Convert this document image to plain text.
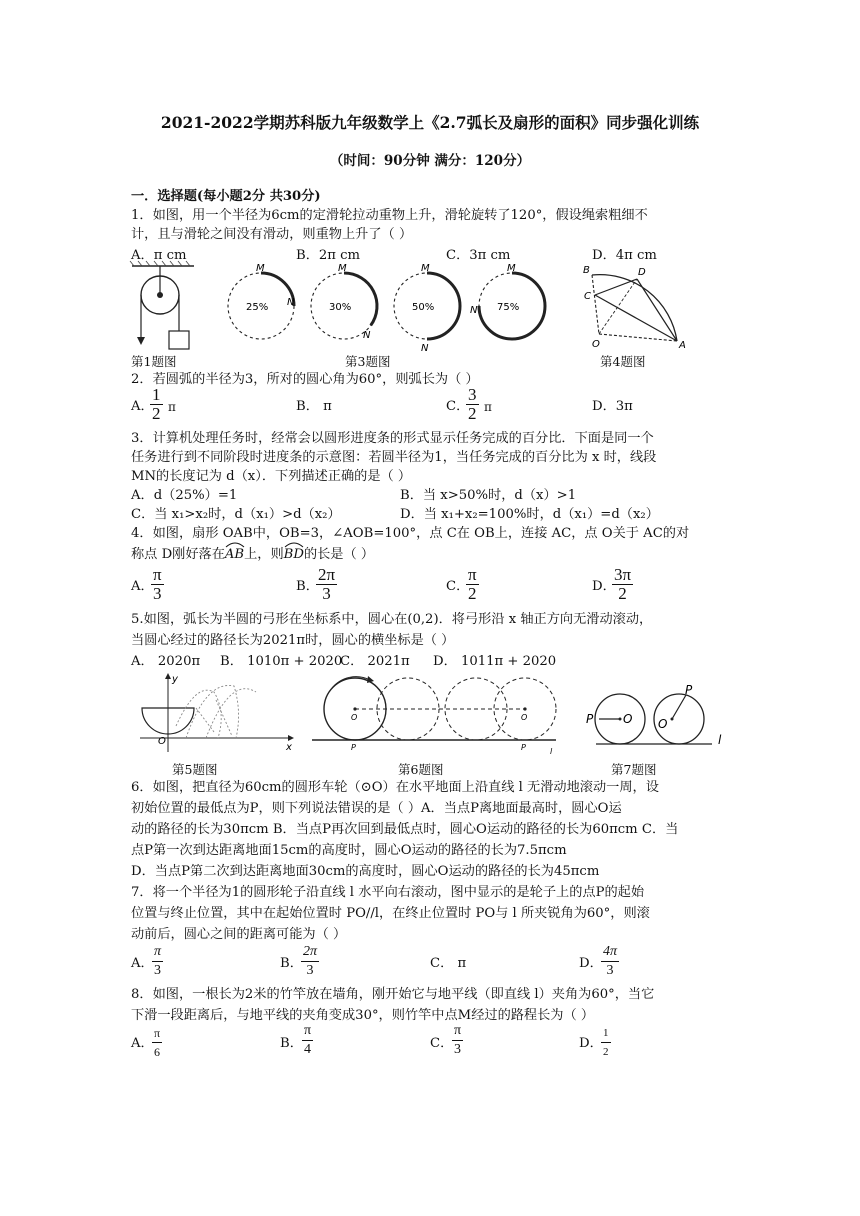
2021-2022学期苏科版九年级数学上《2.7弧长及扇形的面积》同步强化训练
（时间：90分钟 满分：120分）
一．选择题(每小题2分 共30分)
1．如图，用一个半径为6cm的定滑轮拉动重物上升，滑轮旋转了120°，假设绳索粗细不
计，且与滑轮之间没有滑动，则重物上升了（ ）
A．π cm	B．2π cm	C．3π cm	D．4π cm
第1题图
25%
M
N	30%
M
N
50%
M
N
75%
M
N
第3题图
B	D
C
O	A
第4题图
2．若圆弧的半径为3，所对的圆心角为60°，则弧长为（ ）
A．
$\frac{1}{2}$ π	B． π	C．
$\frac{3}{2}$ π	D．3π
3．计算机处理任务时，经常会以圆形进度条的形式显示任务完成的百分比．下面是同一个
任务进行到不同阶段时进度条的示意图：若圆半径为1，当任务完成的百分比为 x 时，线段
MN的长度记为 d（x）．下列描述正确的是（ ）
A．d（25%）=1	B．当 x>50%时，d（x）>1
C．当 x₁>x₂时，d（x₁）>d（x₂）	D．当 x₁+x₂=100%时，d（x₁）=d（x₂）
4．如图，扇形 OAB中，OB=3，∠AOB=100°，点 C在 OB上，连接 AC，点 O关于 AC的对
称点 D刚好落在
AB上，则
BD的长是（ ）
A．
$\frac{\pi}{3}$	B．
$\frac{2\pi}{3}$	C．
$\frac{\pi}{2}$	D．
$\frac{3\pi}{2}$
5.如图，弧长为半圆的弓形在坐标系中，圆心在(0,2)．将弓形沿 x 轴正方向无滑动滚动，
当圆心经过的路径长为2021π时，圆心的横坐标是（ ）
A． 2020π B． 1010π + 2020
C． 2021π D． 1011π + 2020
y
x
O
第5题图
O	O
P	P	l
第6题图
P O O
P
l
第7题图
6．如图，把直径为60cm的圆形车轮（⊙O）在水平地面上沿直线 l 无滑动地滚动一周，设
初始位置的最低点为P，则下列说法错误的是（ ）A．当点P离地面最高时，圆心O运
动的路径的长为30πcm B．当点P再次回到最低点时，圆心O运动的路径的长为60πcm C．当
点P第一次到达距离地面15cm的高度时，圆心O运动的路径的长为7.5πcm
D．当点P第二次到达距离地面30cm的高度时，圆心O运动的路径的长为45πcm
7．将一个半径为1的圆形轮子沿直线 l 水平向右滚动，图中显示的是轮子上的点P的起始
位置与终止位置，其中在起始位置时 PO//l，在终止位置时 PO与 l 所夹锐角为60°，则滚
动前后，圆心之间的距离可能为（ ）
A．
$\frac{\pi}{3}$	B．
$\frac{2\pi}{3}$	C． π	D．
$\frac{4\pi}{3}$
8．如图，一根长为2米的竹竿放在墙角，刚开始它与地平线（即直线 l）夹角为60°，当它
下滑一段距离后，与地平线的夹角变成30°，则竹竿中点M经过的路程长为（ ）
A．
$\frac{\pi}{6}$	B． $\frac{\pi}{4}$	C．
$\frac{\pi}{3}$	D．
$\frac{1}{2}$
